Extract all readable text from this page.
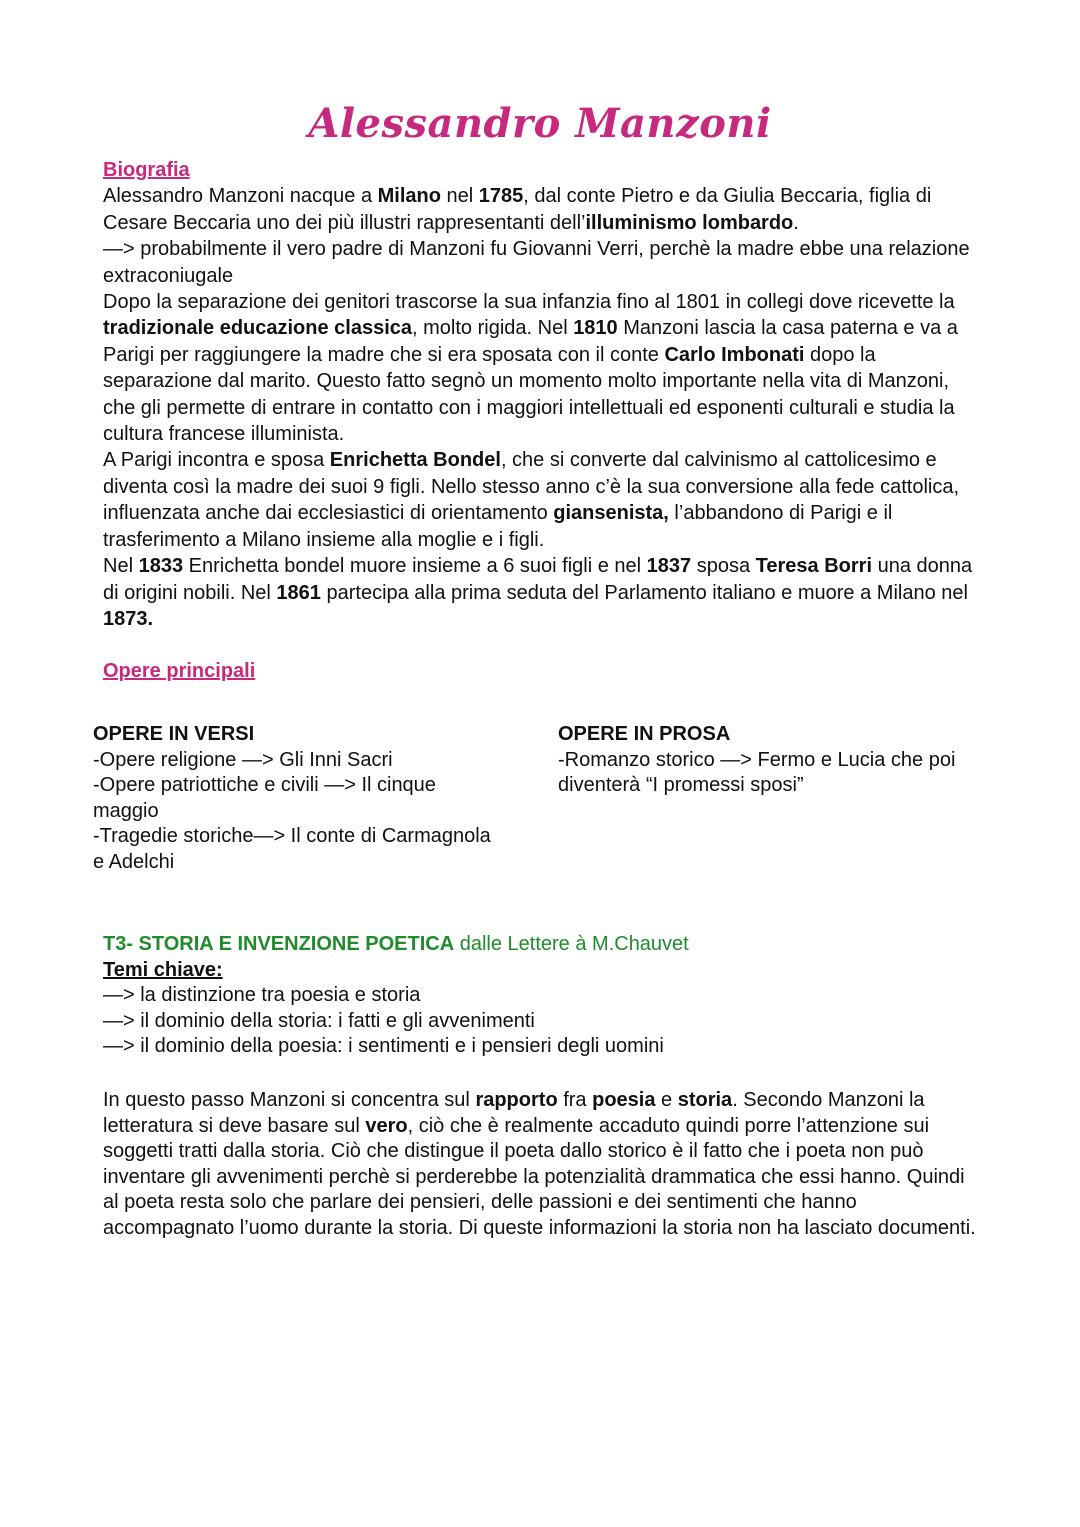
Alessandro Manzoni
Biografia

Alessandro Manzoni nacque a Milano nel 1785, dal conte Pietro e da Giulia Beccaria, figlia di Cesare Beccaria uno dei più illustri rappresentanti dell’illuminismo lombardo.
—> probabilmente il vero padre di Manzoni fu Giovanni Verri, perchè la madre ebbe una relazione extraconiugale
Dopo la separazione dei genitori trascorse la sua infanzia fino al 1801 in collegi dove ricevette la tradizionale educazione classica, molto rigida. Nel 1810 Manzoni lascia la casa paterna e va a Parigi per raggiungere la madre che si era sposata con il conte Carlo Imbonati dopo la separazione dal marito. Questo fatto segnò un momento molto importante nella vita di Manzoni, che gli permette di entrare in contatto con i maggiori intellettuali ed esponenti culturali e studia la cultura francese illuminista.
A Parigi incontra e sposa Enrichetta Bondel, che si converte dal calvinismo al cattolicesimo e diventa così la madre dei suoi 9 figli. Nello stesso anno c’è la sua conversione alla fede cattolica, influenzata anche dai ecclesiastici di orientamento giansenista, l’abbandono di Parigi e il trasferimento a Milano insieme alla moglie e i figli.
Nel 1833 Enrichetta bondel muore insieme a 6 suoi figli e nel 1837 sposa Teresa Borri una donna di origini nobili. Nel 1861 partecipa alla prima seduta del Parlamento italiano e muore a Milano nel 1873.

Opere principali

OPERE IN VERSI

-Opere religione —> Gli Inni Sacri

-Opere patriottiche e civili —> Il cinque maggio

-Tragedie storiche—> Il conte di Carmagnola e Adelchi

OPERE IN PROSA

-Romanzo storico —> Fermo e Lucia che poi diventerà “I promessi sposi”

T3- STORIA E INVENZIONE POETICA dalle Lettere à M.Chauvet

Temi chiave:

—> la distinzione tra poesia e storia

—> il dominio della storia: i fatti e gli avvenimenti

—> il dominio della poesia: i sentimenti e i pensieri degli uomini

In questo passo Manzoni si concentra sul rapporto fra poesia e storia. Secondo Manzoni la letteratura si deve basare sul vero, ciò che è realmente accaduto quindi porre l’attenzione sui soggetti tratti dalla storia. Ciò che distingue il poeta dallo storico è il fatto che i poeta non può inventare gli avvenimenti perchè si perderebbe la potenzialità drammatica che essi hanno. Quindi al poeta resta solo che parlare dei pensieri, delle passioni e dei sentimenti che hanno accompagnato l’uomo durante la storia. Di queste informazioni la storia non ha lasciato documenti.
